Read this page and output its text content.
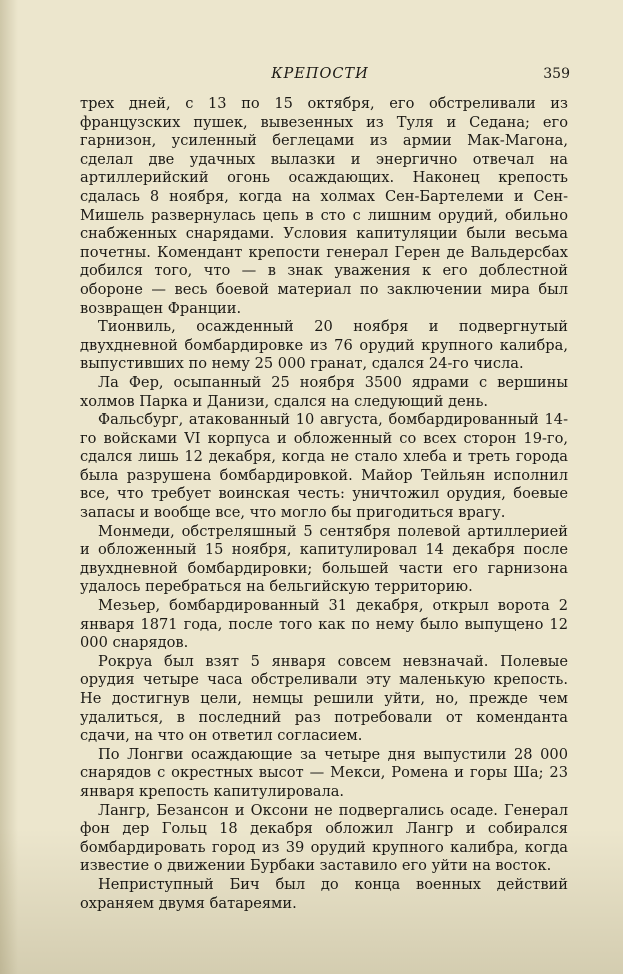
КРЕПОСТИ	359

трех дней, с 13 по 15 октября, его обстреливали из французских пушек, вывезенных из Туля и Седана; его гарнизон, усиленный беглецами из армии Мак-Магона, сделал две удачных вылазки и энергично отвечал на артиллерийский огонь осаждающих. Наконец крепость сдалась 8 ноября, когда на холмах Сен-Бартелеми и Сен-Мишель развернулась цепь в сто с лишним орудий, обильно снабженных снарядами. Условия капитуляции были весьма почетны. Комендант крепости генерал Герен де Вальдерсбах добился того, что — в знак уважения к его доблестной обороне — весь боевой материал по заключении мира был возвращен Франции.

Тионвиль, осажденный 20 ноября и подвергнутый двухдневной бомбардировке из 76 орудий крупного калибра, выпустивших по нему 25 000 гранат, сдался 24-го числа.

Ла Фер, осыпанный 25 ноября 3500 ядрами с вершины холмов Парка и Данизи, сдался на следующий день.

Фальсбург, атакованный 10 августа, бомбардированный 14-го войсками VI корпуса и обложенный со всех сторон 19-го, сдался лишь 12 декабря, когда не стало хлеба и треть города была разрушена бомбардировкой. Майор Тейльян исполнил все, что требует воинская честь: уничтожил орудия, боевые запасы и вообще все, что могло бы пригодиться врагу.

Монмеди, обстреляшный 5 сентября полевой артиллерией и обложенный 15 ноября, капитулировал 14 декабря после двухдневной бомбардировки; большей части его гарнизона удалось перебраться на бельгийскую территорию.

Мезьер, бомбардированный 31 декабря, открыл ворота 2 января 1871 года, после того как по нему было выпущено 12 000 снарядов.

Рокруа был взят 5 января совсем невзначай. Полевые орудия четыре часа обстреливали эту маленькую крепость. Не достигнув цели, немцы решили уйти, но, прежде чем удалиться, в последний раз потребовали от коменданта сдачи, на что он ответил согласием.

По Лонгви осаждающие за четыре дня выпустили 28 000 снарядов с окрестных высот — Мекси, Ромена и горы Ша; 23 января крепость капитулировала.

Лангр, Безансон и Оксони не подвергались осаде. Генерал фон дер Гольц 18 декабря обложил Лангр и собирался бомбардировать город из 39 орудий крупного калибра, когда известие о движении Бурбаки заставило его уйти на восток.

Неприступный Бич был до конца военных действий охраняем двумя батареями.
